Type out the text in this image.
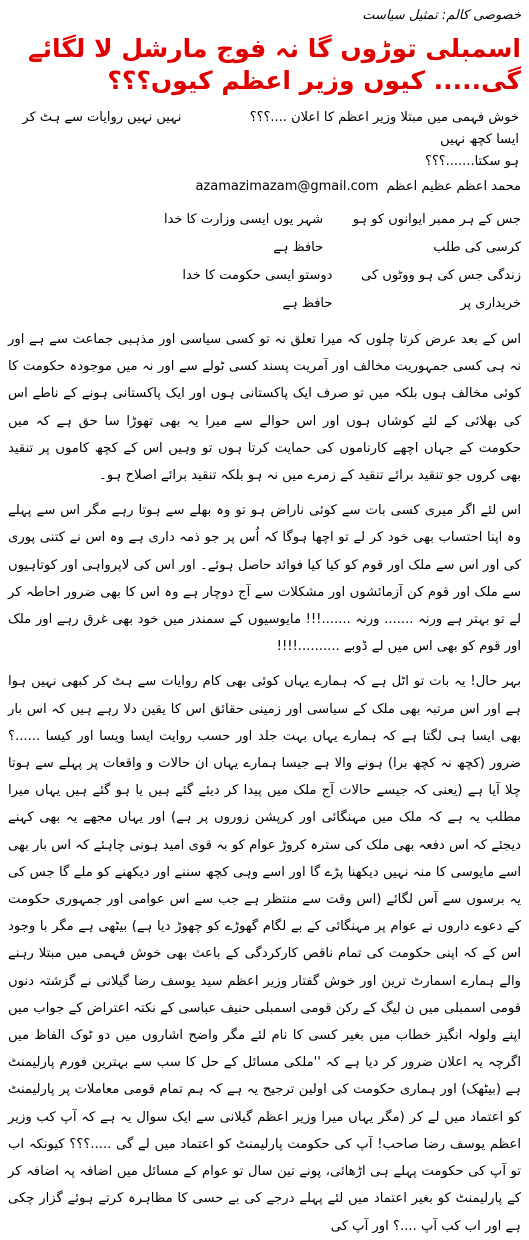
خصوصی کالم: تمثیل سیاست
اسمبلی توڑوں گا نہ فوج مارشل لا لگائے گی..... کیوں وزیر اعظم کیوں؟؟؟
خوش فہمی میں مبتلا وزیر اعظم کا اعلان ....؟؟؟  نہیں نہیں روایات سے ہٹ کر ایسا کچھ نہیں
ہو سکتا.......؟؟؟
محمد اعظم عظیم اعظم azamazimazam@gmail.com
جس کے ہر ممبر ایوانوں کو ہو کرسی کی طلب
شہر یوں ایسی وزارت کا خدا حافظ ہے
زندگی جس کی ہو ووٹوں کی خریداری پر
دوستو ایسی حکومت کا خدا حافظ ہے

اس کے بعد عرض کرتا چلوں کہ میرا تعلق نہ تو کسی سیاسی اور مذہبی جماعت سے ہے اور نہ ہی کسی جمہوریت مخالف اور آمریت پسند کسی ٹولے سے اور نہ میں موجودہ حکومت کا کوئی مخالف ہوں بلکہ میں تو صرف ایک پاکستانی ہوں اور ایک پاکستانی ہونے کے ناطے اس کی بھلائی کے لئے کوشاں ہوں اور اس حوالے سے میرا یہ بھی تھوڑا سا حق ہے کہ میں حکومت کے جہاں اچھے کارناموں کی حمایت کرتا ہوں تو وہیں اس کے کچھ کاموں پر تنقید بھی کروں جو تنقید برائے تنقید کے زمرے میں نہ ہو بلکہ تنقید برائے اصلاح ہو۔

اس لئے اگر میری کسی بات سے کوئی ناراض ہو تو وہ بھلے سے ہوتا رہے مگر اس سے پہلے وہ اپنا احتساب بھی خود کر لے تو اچھا ہوگا کہ اُس پر جو ذمہ داری ہے وہ اس نے کتنی پوری کی اور اس سے ملک اور قوم کو کیا کیا فوائد حاصل ہوئے۔ اور اس کی لاپرواہی اور کوتاہیوں سے ملک اور قوم کن آزمائشوں اور مشکلات سے آج دوچار ہے وہ اس کا بھی ضرور احاطہ کر لے تو بہتر ہے ورنہ ....... ورنہ .......!!! مایوسیوں کے سمندر میں خود بھی غرق رہے اور ملک اور قوم کو بھی اس میں لے ڈوبے ..........!!!!

بہر حال! یہ بات تو اٹل ہے کہ ہمارے یہاں کوئی بھی کام روایات سے ہٹ کر کبھی نہیں ہوا ہے اور اس مرتبہ بھی ملک کے سیاسی اور زمینی حقائق اس کا یقین دلا رہے ہیں کہ اس بار بھی ایسا ہی لگتا ہے کہ ہمارے یہاں بہت جلد اور حسب روایت ایسا ویسا اور کیسا ......؟ ضرور (کچھ نہ کچھ برا) ہونے والا ہے جیسا ہمارے یہاں ان حالات و واقعات پر پہلے سے ہوتا چلا آیا ہے (یعنی کہ جیسے حالات آج ملک میں پیدا کر دیئے گئے ہیں یا ہو گئے ہیں یہاں میرا مطلب یہ ہے کہ ملک میں مہنگائی اور کرپشن زوروں پر ہے) اور یہاں مجھے یہ بھی کہنے دیجئے کہ اس دفعہ بھی ملک کی سترہ کروڑ عوام کو بہ قوی امید ہونی چاہئے کہ اس بار بھی اسے مایوسی کا منہ نہیں دیکھنا پڑے گا اور اسے وہی کچھ سننے اور دیکھنے کو ملے گا جس کی یہ برسوں سے آس لگائے (اس وقت سے منتظر ہے جب سے اس عوامی اور جمہوری حکومت کے دعوے داروں نے عوام پر مہنگائی کے بے لگام گھوڑے کو چھوڑ دیا ہے) بیٹھی ہے مگر با وجود اس کے کہ اپنی حکومت کی تمام ناقص کارکردگی کے باعث بھی خوش فہمی میں مبتلا رہنے والے ہمارے اسمارٹ ترین اور خوش گفتار وزیر اعظم سید یوسف رضا گیلانی نے گزشتہ دنوں قومی اسمبلی میں ن لیگ کے رکن قومی اسمبلی حنیف عباسی کے نکتہ اعتراض کے جواب میں اپنے ولولہ انگیز خطاب میں بغیر کسی کا نام لئے مگر واضح اشاروں میں دو ٹوک الفاظ میں اگرچہ یہ اعلان ضرور کر دیا ہے کہ ''ملکی مسائل کے حل کا سب سے بہترین فورم پارلیمنٹ ہے (بیٹھک) اور ہماری حکومت کی اولین ترجیح یہ ہے کہ ہم تمام قومی معاملات پر پارلیمنٹ کو اعتماد میں لے کر (مگر یہاں میرا وزیر اعظم گیلانی سے ایک سوال یہ ہے کہ آپ کب وزیر اعظم یوسف رضا صاحب! آپ کی حکومت پارلیمنٹ کو اعتماد میں لے گی .....؟؟؟ کیونکہ اب تو آپ کی حکومت پہلے ہی اڑھائی، پونے تین سال تو عوام کے مسائل میں اضافہ پہ اضافہ کر کے پارلیمنٹ کو بغیر اعتماد میں لئے پہلے درجے کی بے حسی کا مظاہرہ کرتے ہوئے گزار چکی ہے اور اب کب آپ ....؟ اور آپ کی
